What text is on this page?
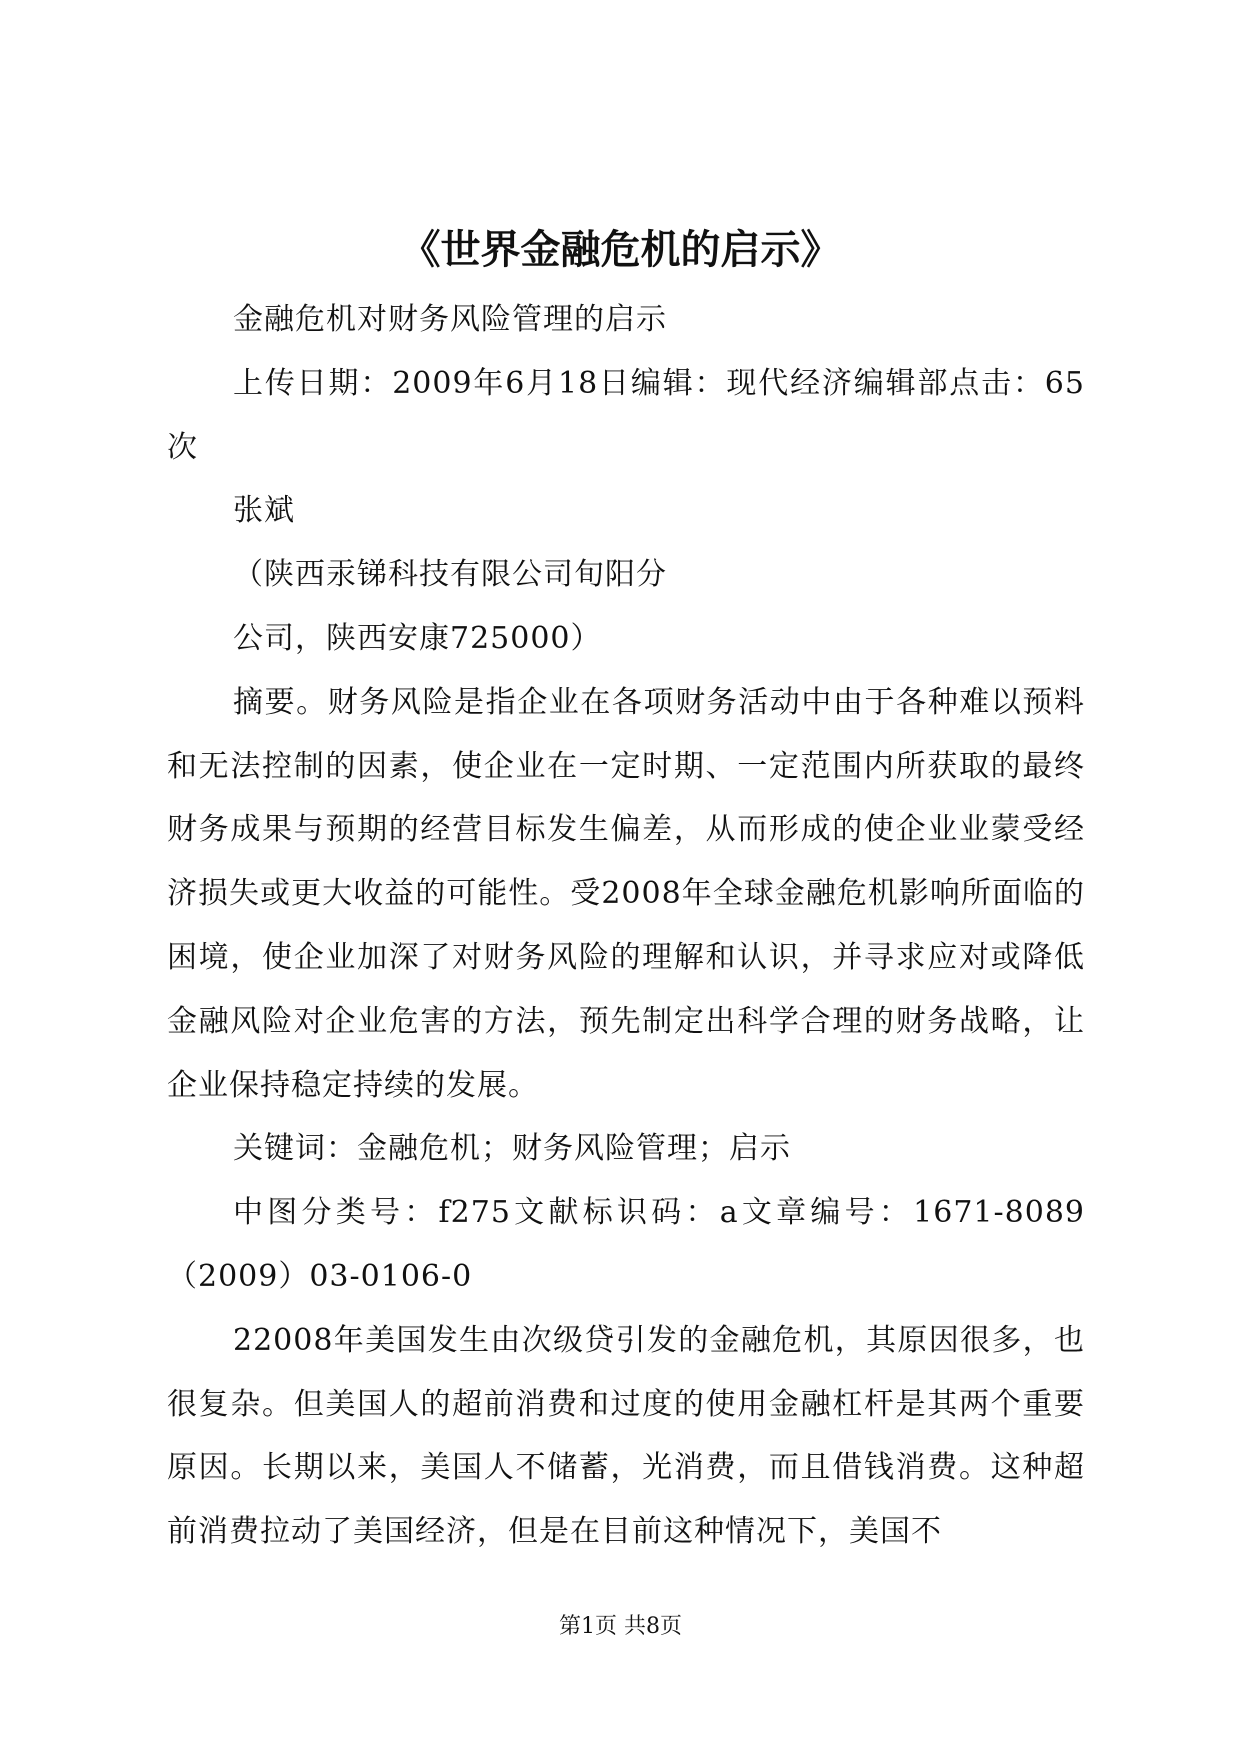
《世界金融危机的启示》

金融危机对财务风险管理的启示

上传日期：2009年6月18日编辑：现代经济编辑部点击：65次

张斌

（陕西汞锑科技有限公司旬阳分

公司，陕西安康725000）

摘要。财务风险是指企业在各项财务活动中由于各种难以预料和无法控制的因素，使企业在一定时期、一定范围内所获取的最终财务成果与预期的经营目标发生偏差，从而形成的使企业业蒙受经济损失或更大收益的可能性。受2008年全球金融危机影响所面临的困境，使企业加深了对财务风险的理解和认识，并寻求应对或降低金融风险对企业危害的方法，预先制定出科学合理的财务战略，让企业保持稳定持续的发展。

关键词：金融危机；财务风险管理；启示

中图分类号：f275文献标识码：a文章编号：1671-8089（2009）03-0106-0

22008年美国发生由次级贷引发的金融危机，其原因很多，也很复杂。但美国人的超前消费和过度的使用金融杠杆是其两个重要原因。长期以来，美国人不储蓄，光消费，而且借钱消费。这种超前消费拉动了美国经济，但是在目前这种情况下，美国不

第1页 共8页
